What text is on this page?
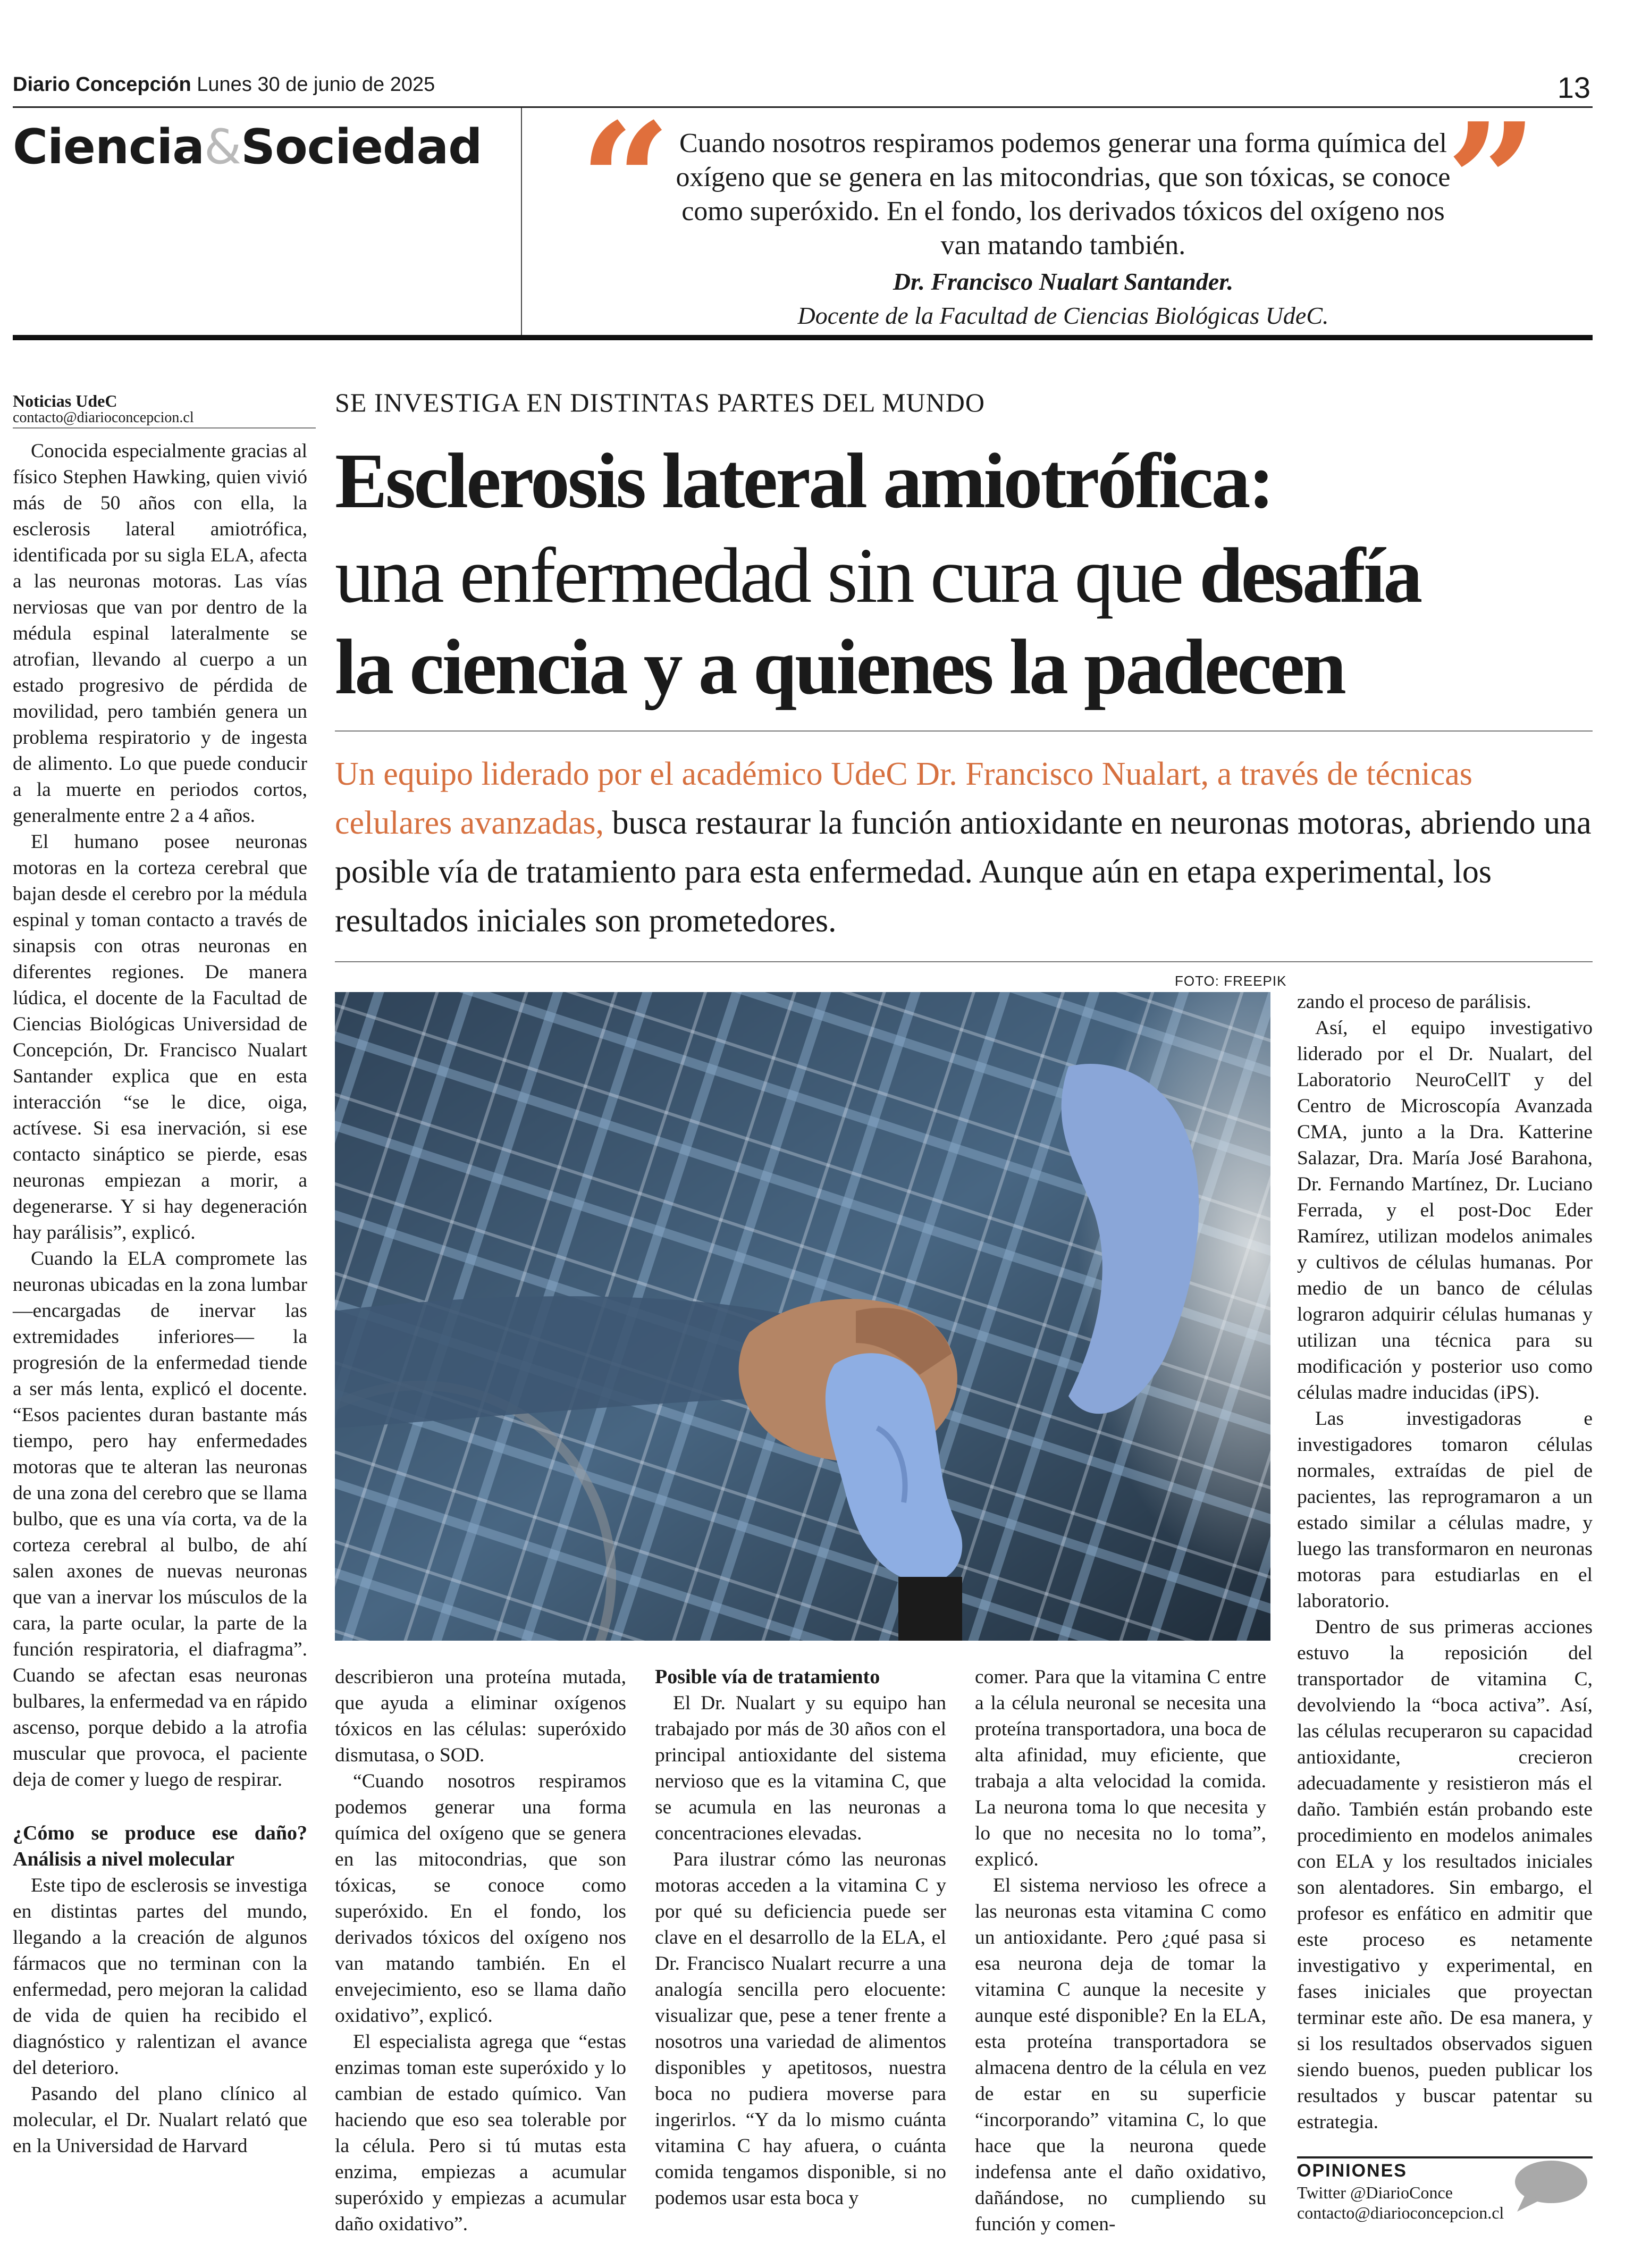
Diario Concepción Lunes 30 de junio de 2025	13
Ciencia&Sociedad “	”
Cuando nosotros respiramos podemos generar una forma química del oxígeno que se genera en las mitocondrias, que son tóxicas, se conoce como superóxido. En el fondo, los derivados tóxicos del oxígeno nos van matando también.
Dr. Francisco Nualart Santander.
Docente de la Facultad de Ciencias Biológicas UdeC.
Noticias UdeC
contacto@diarioconcepcion.cl
SE INVESTIGA EN DISTINTAS PARTES DEL MUNDO
Esclerosis lateral amiotrófica:
una enfermedad sin cura que desafía
la ciencia y a quienes la padecen
Un equipo liderado por el académico UdeC Dr. Francisco Nualart, a través de técnicas celulares avanzadas, busca restaurar la función antioxidante en neuronas motoras, abriendo una posible vía de tratamiento para esta enfermedad. Aunque aún en etapa experimental, los resultados iniciales son prometedores.
FOTO: FREEPIK

Conocida especialmente gracias al físico Stephen Hawking, quien vivió más de 50 años con ella, la esclerosis lateral amiotrófica, identificada por su sigla ELA, afecta a las neuronas motoras. Las vías nerviosas que van por dentro de la médula espinal lateralmente se atrofian, llevando al cuerpo a un estado progresivo de pérdida de movilidad, pero también genera un problema respiratorio y de ingesta de alimento. Lo que puede conducir a la muerte en periodos cortos, generalmente entre 2 a 4 años.

El humano posee neuronas motoras en la corteza cerebral que bajan desde el cerebro por la médula espinal y toman contacto a través de sinapsis con otras neuronas en diferentes regiones. De manera lúdica, el docente de la Facultad de Ciencias Biológicas Universidad de Concepción, Dr. Francisco Nualart Santander explica que en esta interacción “se le dice, oiga, actívese. Si esa inervación, si ese contacto sináptico se pierde, esas neuronas empiezan a morir, a degenerarse. Y si hay degeneración hay parálisis”, explicó.

Cuando la ELA compromete las neuronas ubicadas en la zona lumbar —encargadas de inervar las extremidades inferiores— la progresión de la enfermedad tiende a ser más lenta, explicó el docente. “Esos pacientes duran bastante más tiempo, pero hay enfermedades motoras que te alteran las neuronas de una zona del cerebro que se llama bulbo, que es una vía corta, va de la corteza cerebral al bulbo, de ahí salen axones de nuevas neuronas que van a inervar los músculos de la cara, la parte ocular, la parte de la función respiratoria, el diafragma”. Cuando se afectan esas neuronas bulbares, la enfermedad va en rápido ascenso, porque debido a la atrofia muscular que provoca, el paciente deja de comer y luego de respirar.

¿Cómo se produce ese daño? Análisis a nivel molecular

Este tipo de esclerosis se investiga en distintas partes del mundo, llegando a la creación de algunos fármacos que no terminan con la enfermedad, pero mejoran la calidad de vida de quien ha recibido el diagnóstico y ralentizan el avance del deterioro.

Pasando del plano clínico al molecular, el Dr. Nualart relató que en la Universidad de Harvard

describieron una proteína mutada, que ayuda a eliminar oxígenos tóxicos en las células: superóxido dismutasa, o SOD.

“Cuando nosotros respiramos podemos generar una forma química del oxígeno que se genera en las mitocondrias, que son tóxicas, se conoce como superóxido. En el fondo, los derivados tóxicos del oxígeno nos van matando también. En el envejecimiento, eso se llama daño oxidativo”, explicó.

El especialista agrega que “estas enzimas toman este superóxido y lo cambian de estado químico. Van haciendo que eso sea tolerable por la célula. Pero si tú mutas esta enzima, empiezas a acumular superóxido y empiezas a acumular daño oxidativo”.

Posible vía de tratamiento

El Dr. Nualart y su equipo han trabajado por más de 30 años con el principal antioxidante del sistema nervioso que es la vitamina C, que se acumula en las neuronas a concentraciones elevadas.

Para ilustrar cómo las neuronas motoras acceden a la vitamina C y por qué su deficiencia puede ser clave en el desarrollo de la ELA, el Dr. Francisco Nualart recurre a una analogía sencilla pero elocuente: visualizar que, pese a tener frente a nosotros una variedad de alimentos disponibles y apetitosos, nuestra boca no pudiera moverse para ingerirlos. “Y da lo mismo cuánta vitamina C hay afuera, o cuánta comida tengamos disponible, si no podemos usar esta boca y

comer. Para que la vitamina C entre a la célula neuronal se necesita una proteína transportadora, una boca de alta afinidad, muy eficiente, que trabaja a alta velocidad la comida. La neurona toma lo que necesita y lo que no necesita no lo toma”, explicó.

El sistema nervioso les ofrece a las neuronas esta vitamina C como un antioxidante. Pero ¿qué pasa si esa neurona deja de tomar la vitamina C aunque la necesite y aunque esté disponible? En la ELA, esta proteína transportadora se almacena dentro de la célula en vez de estar en su superficie “incorporando” vitamina C, lo que hace que la neurona quede indefensa ante el daño oxidativo, dañándose, no cumpliendo su función y comen-

zando el proceso de parálisis.

Así, el equipo investigativo liderado por el Dr. Nualart, del Laboratorio NeuroCellT y del Centro de Microscopía Avanzada CMA, junto a la Dra. Katterine Salazar, Dra. María José Barahona, Dr. Fernando Martínez, Dr. Luciano Ferrada, y el post-Doc Eder Ramírez, utilizan modelos animales y cultivos de células humanas. Por medio de un banco de células lograron adquirir células humanas y utilizan una técnica para su modificación y posterior uso como células madre inducidas (iPS).

Las investigadoras e investigadores tomaron células normales, extraídas de piel de pacientes, las reprogramaron a un estado similar a células madre, y luego las transformaron en neuronas motoras para estudiarlas en el laboratorio.

Dentro de sus primeras acciones estuvo la reposición del transportador de vitamina C, devolviendo la “boca activa”. Así, las células recuperaron su capacidad antioxidante, crecieron adecuadamente y resistieron más el daño. También están probando este procedimiento en modelos animales con ELA y los resultados iniciales son alentadores. Sin embargo, el profesor es enfático en admitir que este proceso es netamente investigativo y experimental, en fases iniciales que proyectan terminar este año. De esa manera, y si los resultados observados siguen siendo buenos, pueden publicar los resultados y buscar patentar su estrategia.

OPINIONES
Twitter @DiarioConce
contacto@diarioconcepcion.cl
